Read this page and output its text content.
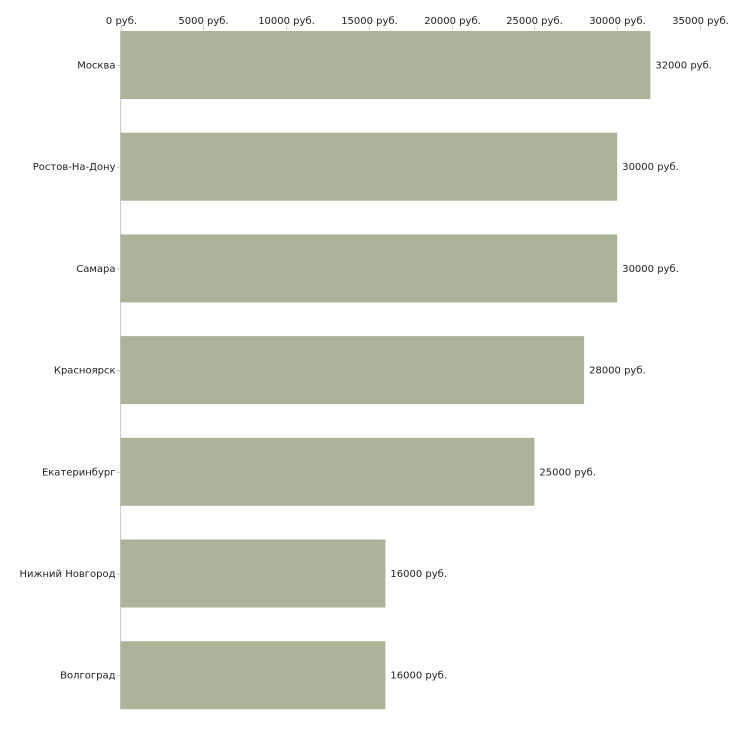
0 руб.	5000 руб.	10000 руб.	15000 руб.	20000 руб.	25000 руб.	30000 руб.	35000 руб.
Москва	32000 руб.
Ростов-На-Дону	30000 руб.
Самара	30000 руб.
Красноярск	28000 руб.
Екатеринбург	25000 руб.
Нижний Новгород	16000 руб.
Волгоград	16000 руб.
